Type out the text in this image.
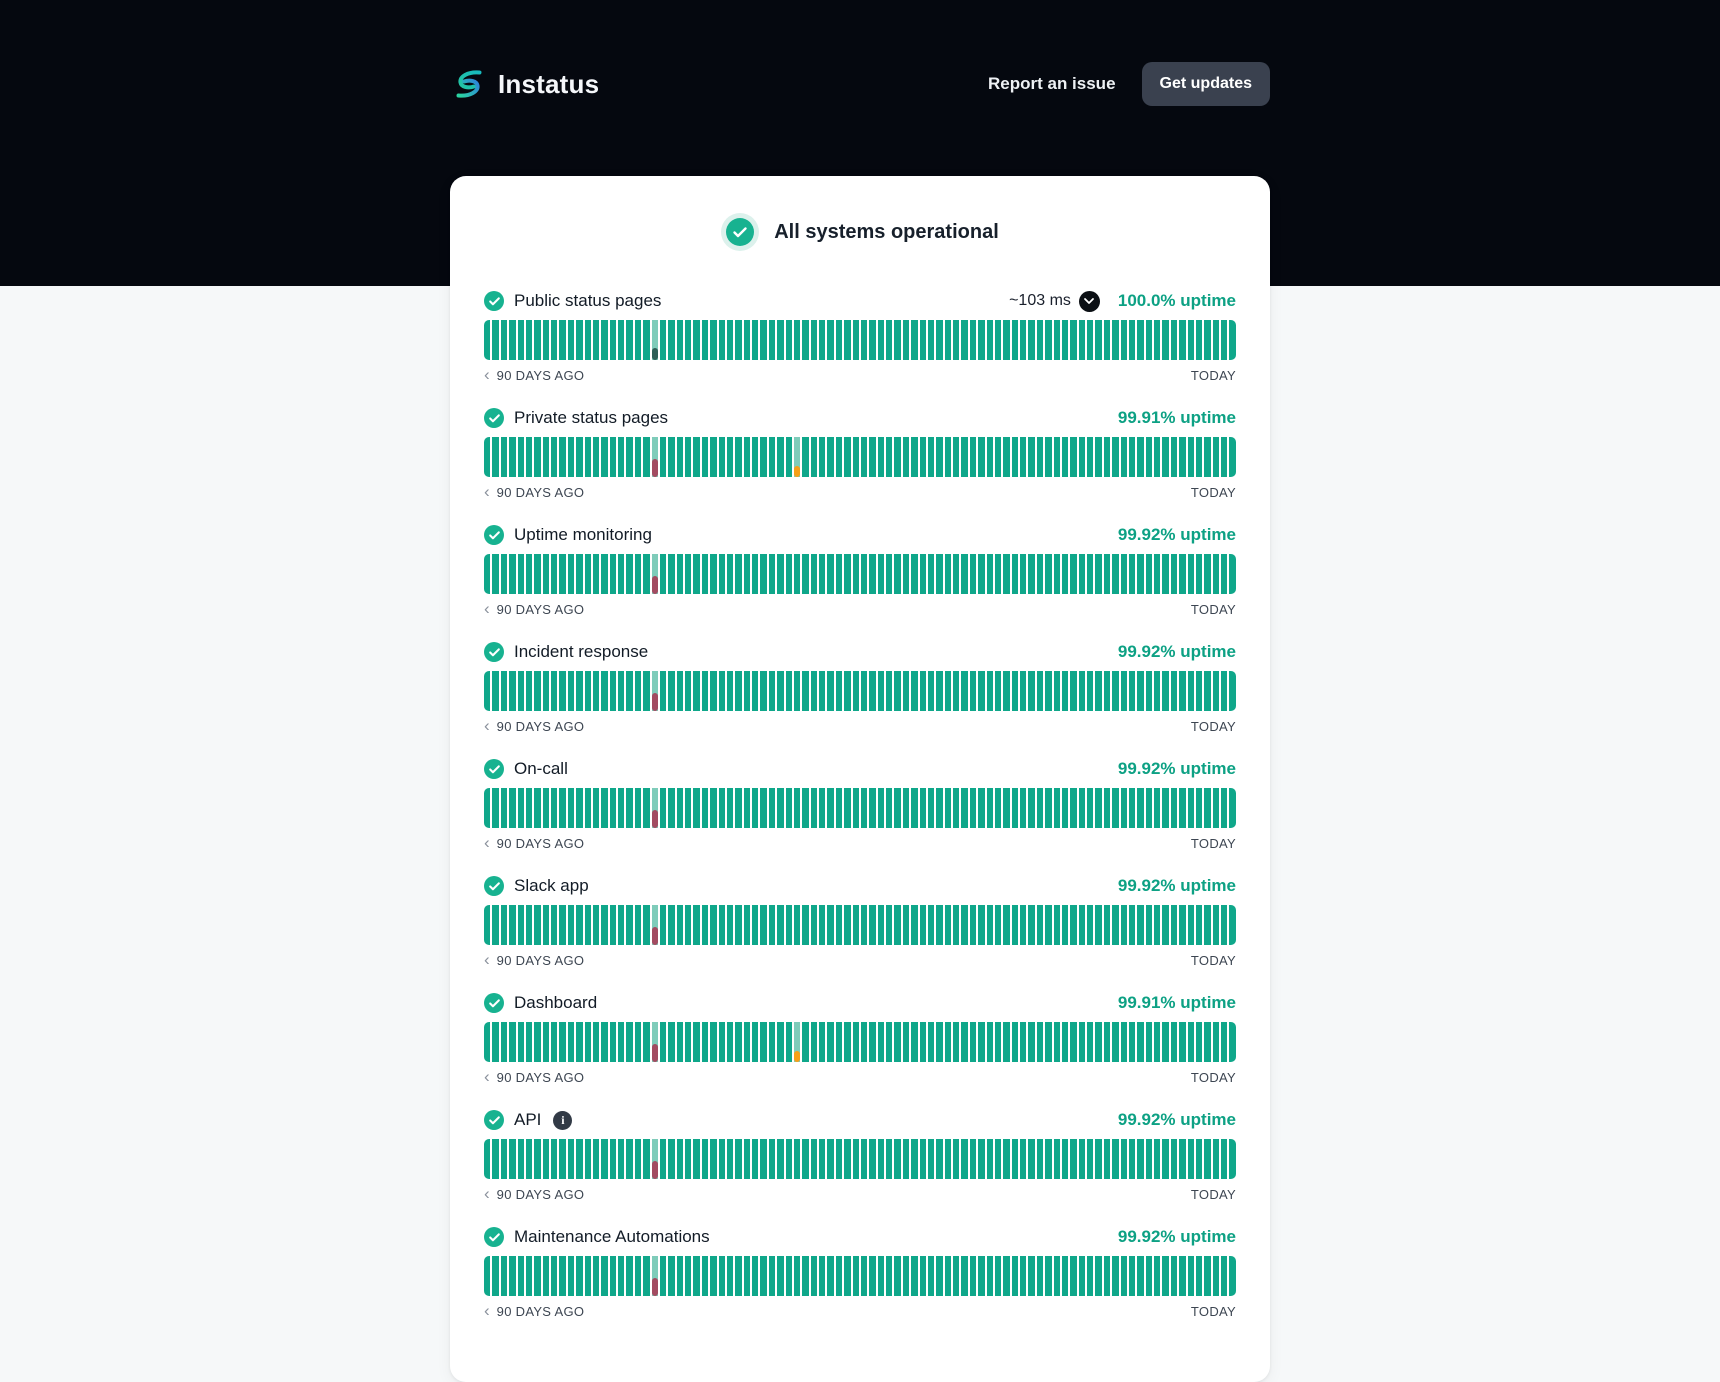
Instatus	Report an issue	Get updates
All systems operational
Public status pages	~103 ms	100.0% uptime
‹ 90 DAYS AGO	TODAY
Private status pages	99.91% uptime
‹ 90 DAYS AGO	TODAY
Uptime monitoring	99.92% uptime
‹ 90 DAYS AGO	TODAY
Incident response	99.92% uptime
‹ 90 DAYS AGO	TODAY
On-call	99.92% uptime
‹ 90 DAYS AGO	TODAY
Slack app	99.92% uptime
‹ 90 DAYS AGO	TODAY
Dashboard	99.91% uptime
‹ 90 DAYS AGO	TODAY
API i	99.92% uptime
‹ 90 DAYS AGO	TODAY
Maintenance Automations	99.92% uptime
‹ 90 DAYS AGO	TODAY
